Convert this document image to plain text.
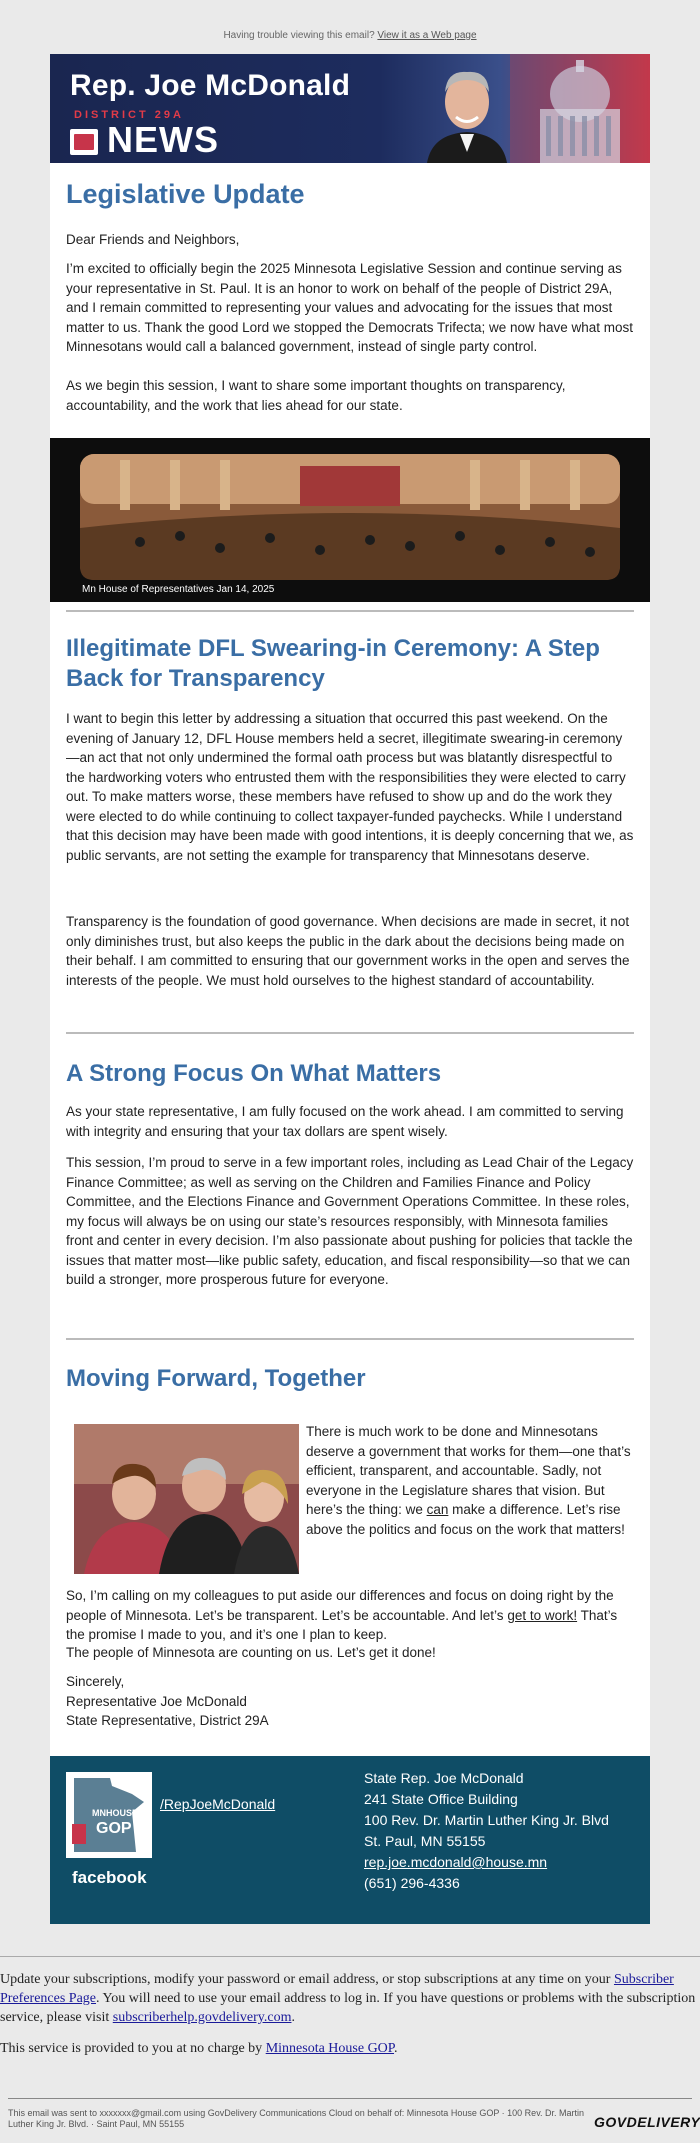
Having trouble viewing this email? View it as a Web page
Rep. Joe McDonald
DISTRICT 29A
NEWS
Legislative Update

Dear Friends and Neighbors,

I’m excited to officially begin the 2025 Minnesota Legislative Session and continue serving as your representative in St. Paul. It is an honor to work on behalf of the people of District 29A, and I remain committed to representing your values and advocating for the issues that most matter to us. Thank the good Lord we stopped the Democrats Trifecta; we now have what most Minnesotans would call a balanced government, instead of single party control.

As we begin this session, I want to share some important thoughts on transparency, accountability, and the work that lies ahead for our state.

Mn House of Representatives Jan 14, 2025
Illegitimate DFL Swearing-in Ceremony: A Step Back for Transparency

I want to begin this letter by addressing a situation that occurred this past weekend. On the evening of January 12, DFL House members held a secret, illegitimate swearing-in ceremony—an act that not only undermined the formal oath process but was blatantly disrespectful to the hardworking voters who entrusted them with the responsibilities they were elected to carry out. To make matters worse, these members have refused to show up and do the work they were elected to do while continuing to collect taxpayer-funded paychecks. While I understand that this decision may have been made with good intentions, it is deeply concerning that we, as public servants, are not setting the example for transparency that Minnesotans deserve.

Transparency is the foundation of good governance. When decisions are made in secret, it not only diminishes trust, but also keeps the public in the dark about the decisions being made on their behalf. I am committed to ensuring that our government works in the open and serves the interests of the people. We must hold ourselves to the highest standard of accountability.

A Strong Focus On What Matters

As your state representative, I am fully focused on the work ahead. I am committed to serving with integrity and ensuring that your tax dollars are spent wisely.

This session, I’m proud to serve in a few important roles, including as Lead Chair of the Legacy Finance Committee; as well as serving on the Children and Families Finance and Policy Committee, and the Elections Finance and Government Operations Committee. In these roles, my focus will always be on using our state’s resources responsibly, with Minnesota families front and center in every decision. I’m also passionate about pushing for policies that tackle the issues that matter most—like public safety, education, and fiscal responsibility—so that we can build a stronger, more prosperous future for everyone.

Moving Forward, Together
There is much work to be done and Minnesotans deserve a government that works for them—one that’s efficient, transparent, and accountable. Sadly, not everyone in the Legislature shares that vision. But here’s the thing: we can make a difference. Let’s rise above the politics and focus on the work that matters!

So, I’m calling on my colleagues to put aside our differences and focus on doing right by the people of Minnesota. Let’s be transparent. Let’s be accountable. And let’s get to work! That’s the promise I made to you, and it’s one I plan to keep.

The people of Minnesota are counting on us. Let’s get it done!

Sincerely,
Representative Joe McDonald
State Representative, District 29A
MNHOUSE
GOP
facebook
/RepJoeMcDonald
State Rep. Joe McDonald
241 State Office Building
100 Rev. Dr. Martin Luther King Jr. Blvd
St. Paul, MN 55155
rep.joe.mcdonald@house.mn
(651) 296-4336

Update your subscriptions, modify your password or email address, or stop subscriptions at any time on your Subscriber Preferences Page. You will need to use your email address to log in. If you have questions or problems with the subscription service, please visit subscriberhelp.govdelivery.com.

This service is provided to you at no charge by Minnesota House GOP.

This email was sent to xxxxxxx@gmail.com using GovDelivery Communications Cloud on behalf of: Minnesota House GOP · 100 Rev. Dr. Martin Luther King Jr. Blvd. · Saint Paul, MN 55155	GOVDELIVERY
